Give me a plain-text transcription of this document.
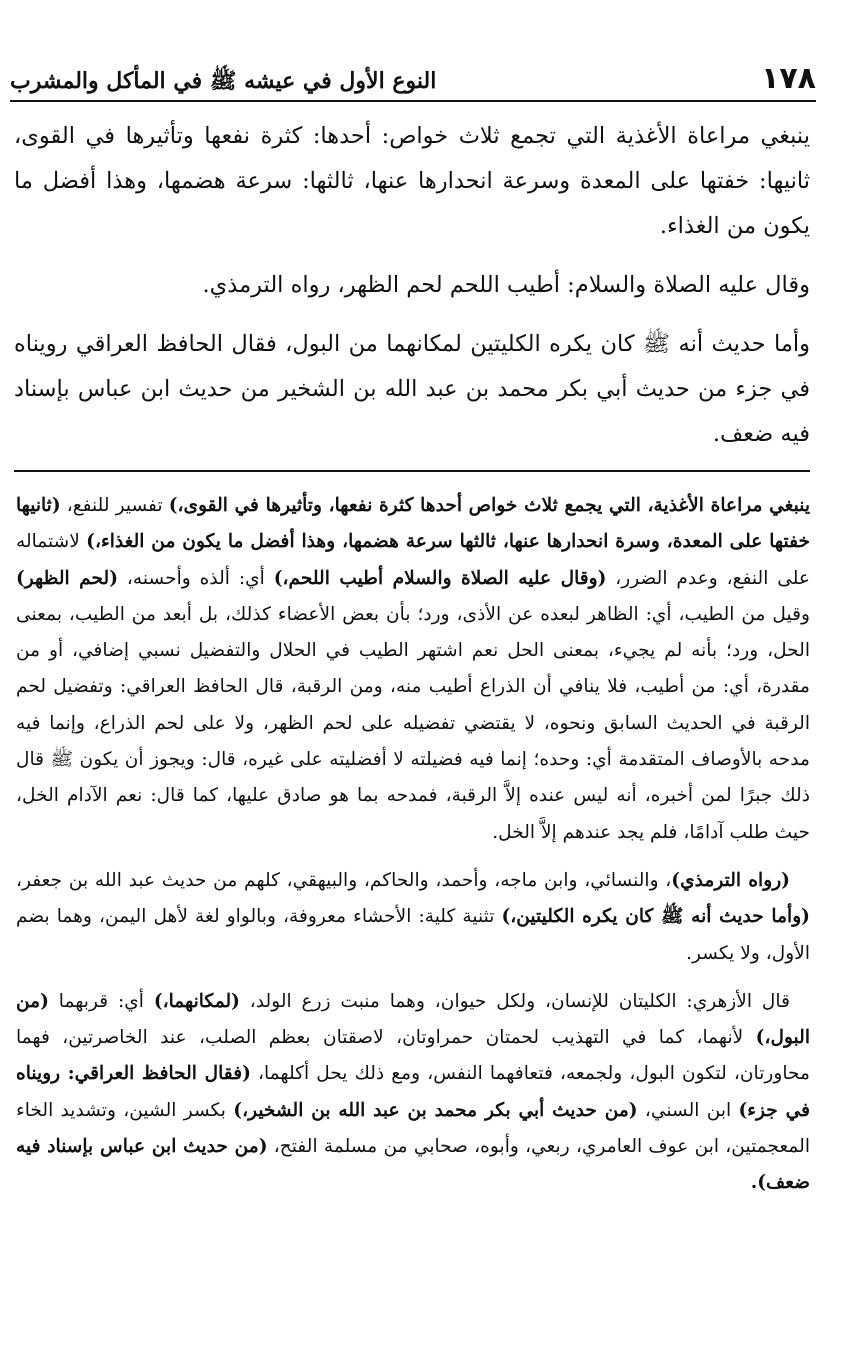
١٧٨
النوع الأول في عيشه ﷺ في المأكل والمشرب

ينبغي مراعاة الأغذية التي تجمع ثلاث خواص: أحدها: كثرة نفعها وتأثيرها في القوى، ثانيها: خفتها على المعدة وسرعة انحدارها عنها، ثالثها: سرعة هضمها، وهذا أفضل ما يكون من الغذاء.

وقال عليه الصلاة والسلام: أطيب اللحم لحم الظهر، رواه الترمذي.

وأما حديث أنه ﷺ كان يكره الكليتين لمكانهما من البول، فقال الحافظ العراقي رويناه في جزء من حديث أبي بكر محمد بن عبد الله بن الشخير من حديث ابن عباس بإسناد فيه ضعف.

ينبغي مراعاة الأغذية، التي يجمع ثلاث خواص أحدها كثرة نفعها، وتأثيرها في القوى،) تفسير للنفع، (ثانيها خفتها على المعدة، وسرة انحدارها عنها، ثالثها سرعة هضمها، وهذا أفضل ما يكون من الغذاء،) لاشتماله على النفع، وعدم الضرر، (وقال عليه الصلاة والسلام أطيب اللحم،) أي: ألذه وأحسنه، (لحم الظهر) وقيل من الطيب، أي: الظاهر لبعده عن الأذى، ورد؛ بأن بعض الأعضاء كذلك، بل أبعد من الطيب، بمعنى الحل، ورد؛ بأنه لم يجيء، بمعنى الحل نعم اشتهر الطيب في الحلال والتفضيل نسبي إضافي، أو من مقدرة، أي: من أطيب، فلا ينافي أن الذراع أطيب منه، ومن الرقبة، قال الحافظ العراقي: وتفضيل لحم الرقبة في الحديث السابق ونحوه، لا يقتضي تفضيله على لحم الظهر، ولا على لحم الذراع، وإنما فيه مدحه بالأوصاف المتقدمة أي: وحده؛ إنما فيه فضيلته لا أفضليته على غيره، قال: ويجوز أن يكون ﷺ قال ذلك جبرًا لمن أخبره، أنه ليس عنده إلاَّ الرقبة، فمدحه بما هو صادق عليها، كما قال: نعم الآدام الخل، حيث طلب آدامًا، فلم يجد عندهم إلاَّ الخل.

(رواه الترمذي)، والنسائي، وابن ماجه، وأحمد، والحاكم، والبيهقي، كلهم من حديث عبد الله بن جعفر، (وأما حديث أنه ﷺ كان يكره الكليتين،) تثنية كلية: الأحشاء معروفة، وبالواو لغة لأهل اليمن، وهما بضم الأول، ولا يكسر.

قال الأزهري: الكليتان للإنسان، ولكل حيوان، وهما منبت زرع الولد، (لمكانهما،) أي: قربهما (من البول،) لأنهما، كما في التهذيب لحمتان حمراوتان، لاصقتان بعظم الصلب، عند الخاصرتين، فهما محاورتان، لتكون البول، ولجمعه، فتعافهما النفس، ومع ذلك يحل أكلهما، (فقال الحافظ العراقي: رويناه في جزء) ابن السني، (من حديث أبي بكر محمد بن عبد الله بن الشخير،) بكسر الشين، وتشديد الخاء المعجمتين، ابن عوف العامري، ربعي، وأبوه، صحابي من مسلمة الفتح، (من حديث ابن عباس بإسناد فيه ضعف).
